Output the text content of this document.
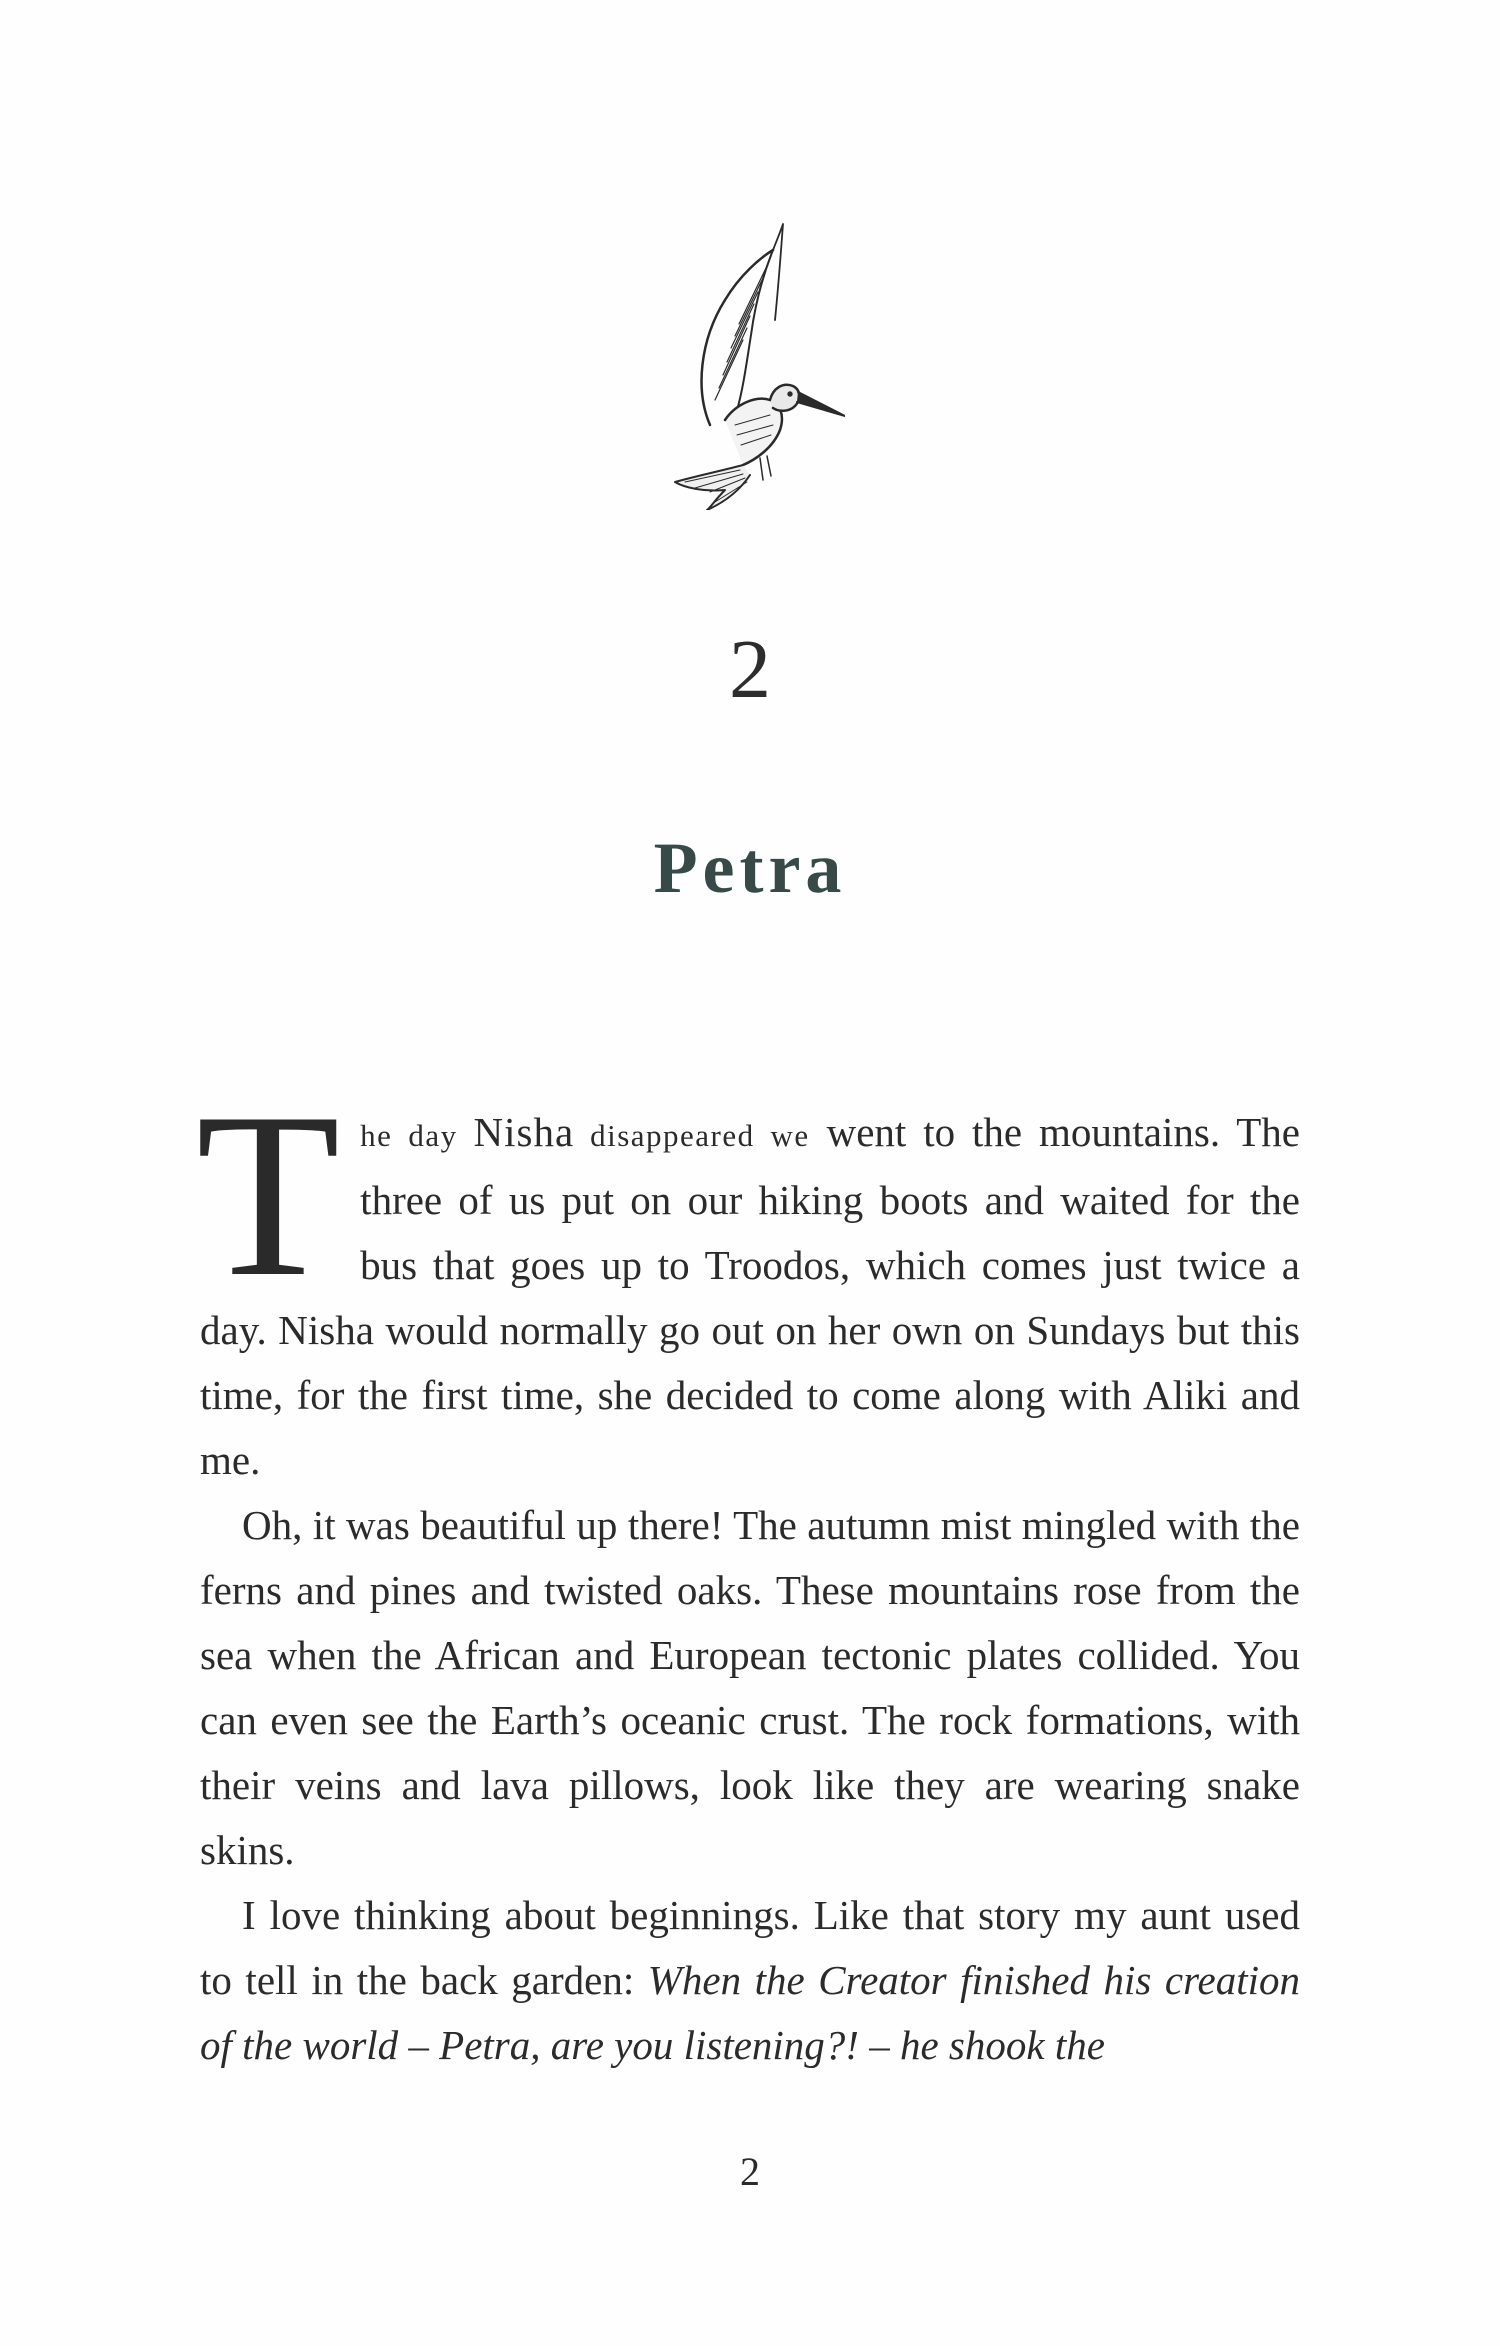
2
Petra

The day Nisha disappeared we went to the mountains. The three of us put on our hiking boots and waited for the bus that goes up to Troodos, which comes just twice a day. Nisha would normally go out on her own on Sundays but this time, for the first time, she decided to come along with Aliki and me.

Oh, it was beautiful up there! The autumn mist mingled with the ferns and pines and twisted oaks. These mountains rose from the sea when the African and European tectonic plates collided. You can even see the Earth’s oceanic crust. The rock formations, with their veins and lava pillows, look like they are wearing snake skins.

I love thinking about beginnings. Like that story my aunt used to tell in the back garden: When the Creator finished his creation of the world – Petra, are you listening?! – he shook the

2
